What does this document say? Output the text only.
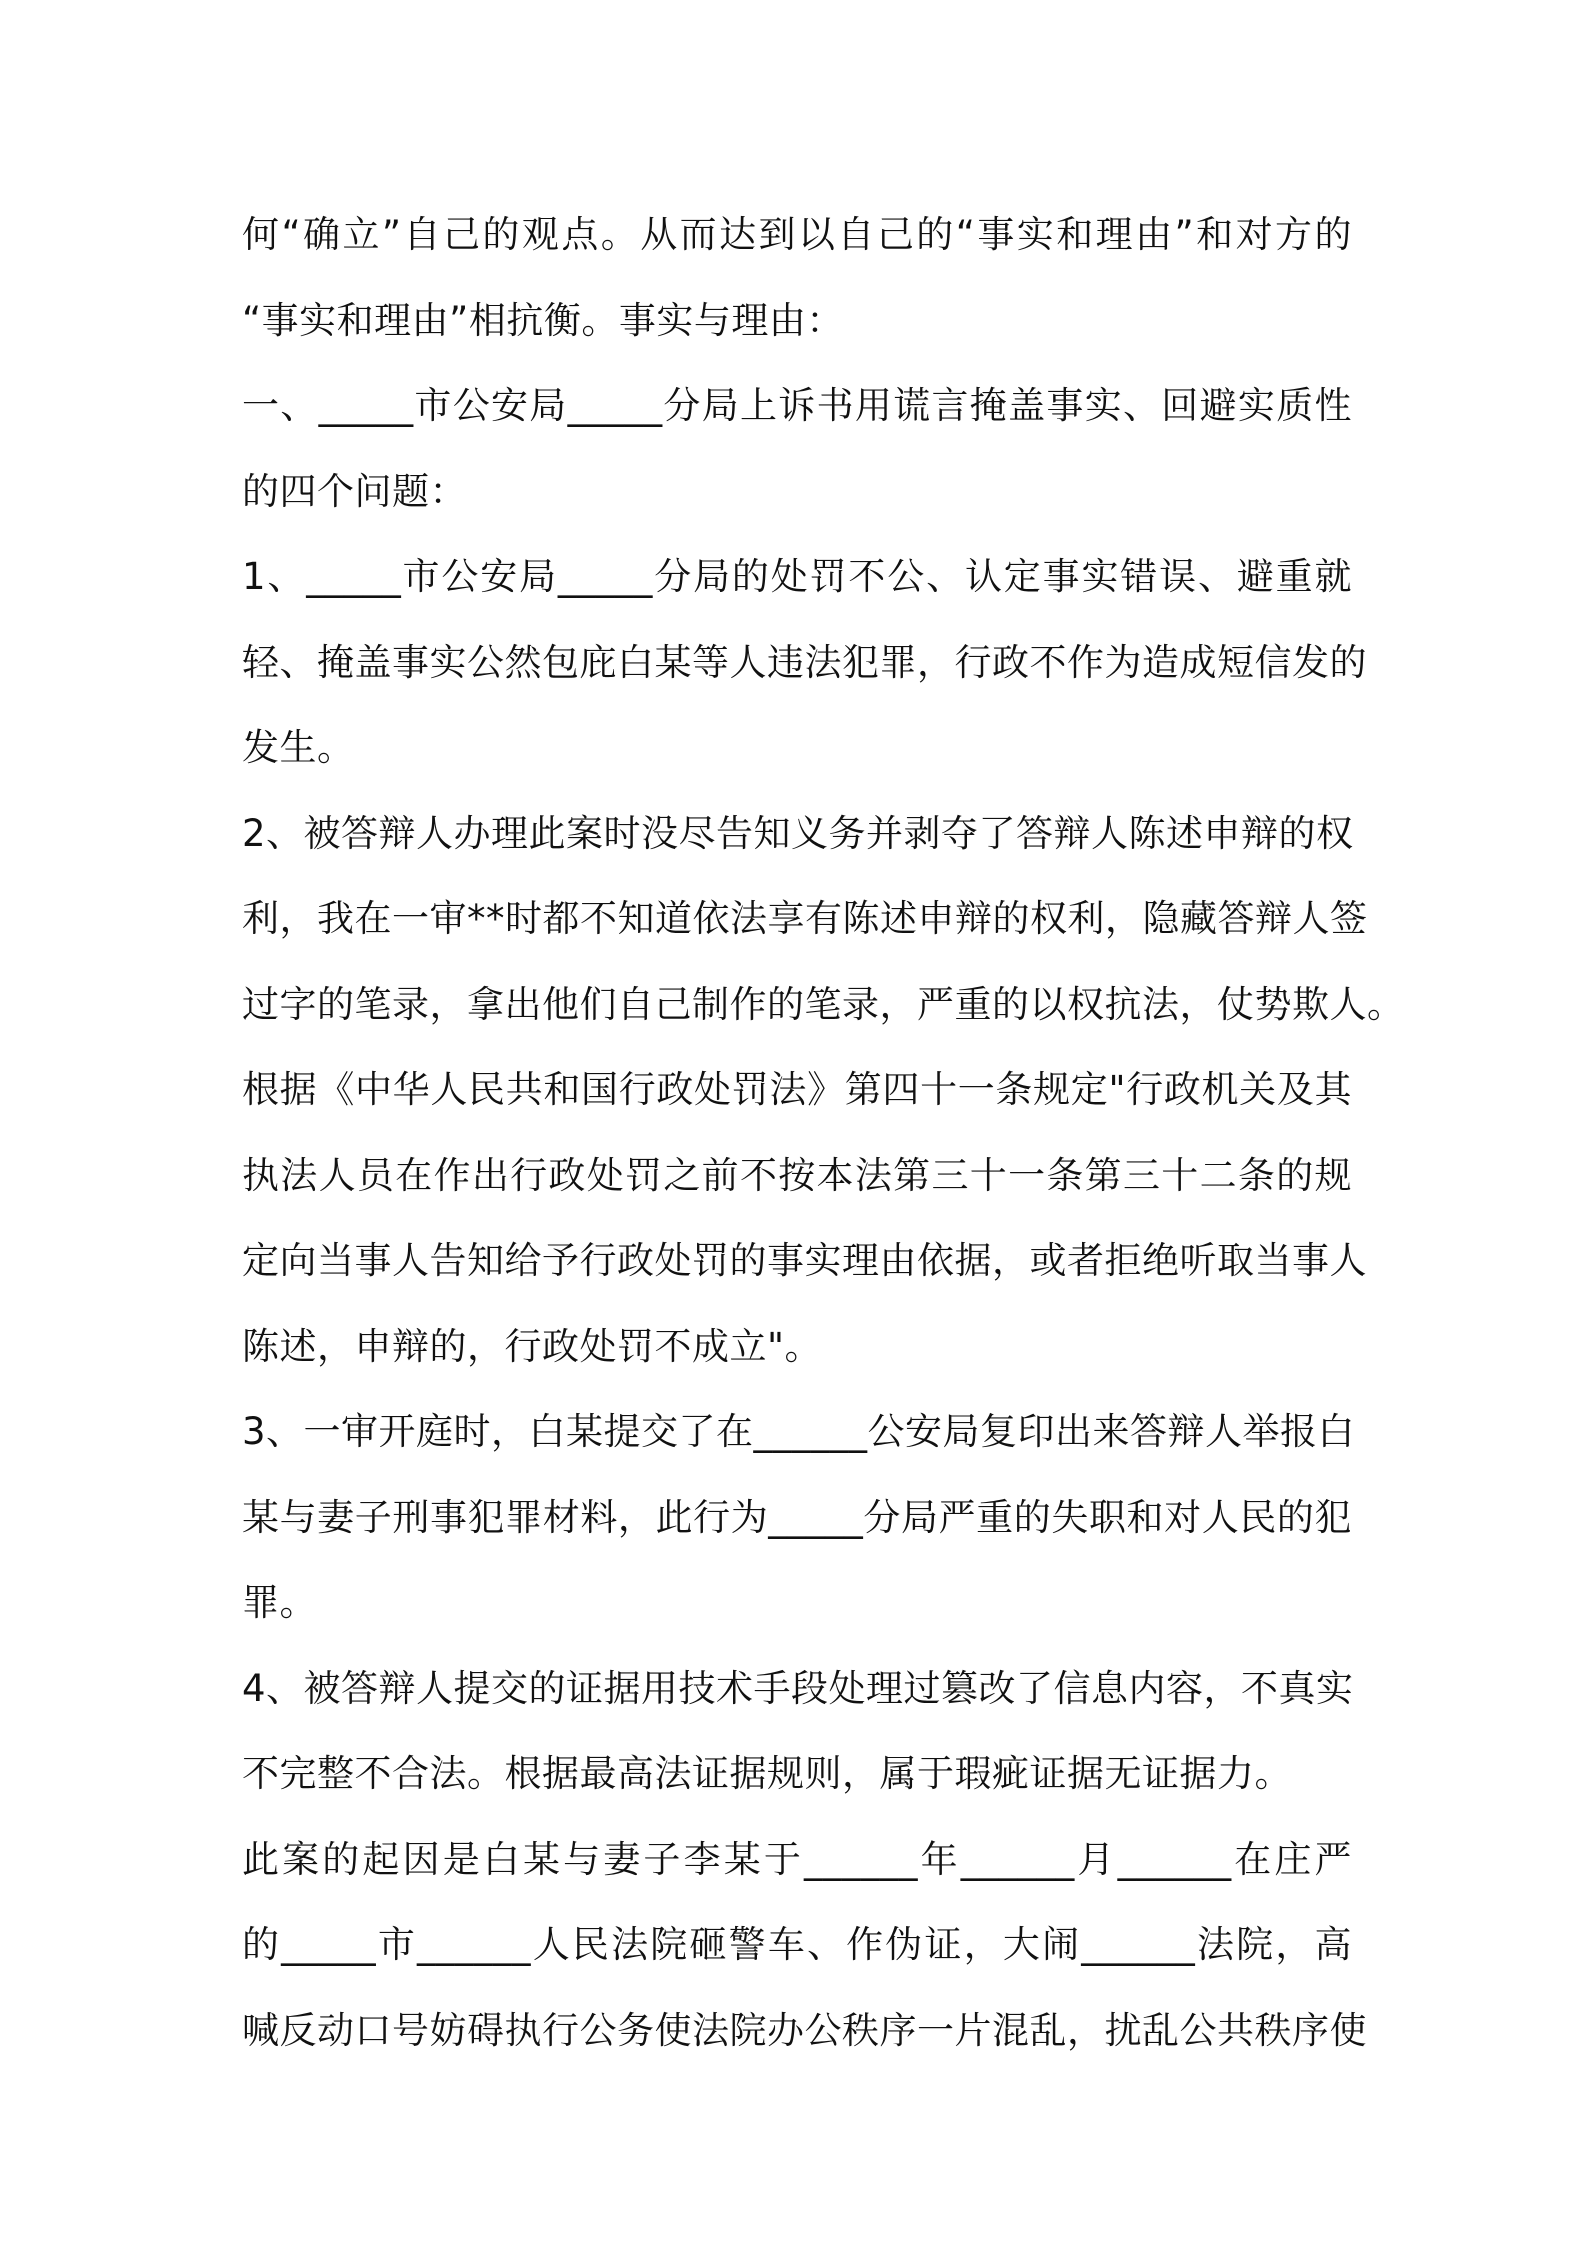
何“确立”自己的观点。从而达到以自己的“事实和理由”和对方的
“事实和理由”相抗衡。事实与理由：
一、_____市公安局_____分局上诉书用谎言掩盖事实、回避实质性
的四个问题：
1、_____市公安局_____分局的处罚不公、认定事实错误、避重就
轻、掩盖事实公然包庇白某等人违法犯罪，行政不作为造成短信发的
发生。
2、被答辩人办理此案时没尽告知义务并剥夺了答辩人陈述申辩的权
利，我在一审**时都不知道依法享有陈述申辩的权利，隐藏答辩人签
过字的笔录，拿出他们自己制作的笔录，严重的以权抗法，仗势欺人。
根据《中华人民共和国行政处罚法》第四十一条规定"行政机关及其
执法人员在作出行政处罚之前不按本法第三十一条第三十二条的规
定向当事人告知给予行政处罚的事实理由依据，或者拒绝听取当事人
陈述，申辩的，行政处罚不成立"。
3、一审开庭时，白某提交了在______公安局复印出来答辩人举报白
某与妻子刑事犯罪材料，此行为_____分局严重的失职和对人民的犯
罪。
4、被答辩人提交的证据用技术手段处理过篡改了信息内容，不真实
不完整不合法。根据最高法证据规则，属于瑕疵证据无证据力。
此案的起因是白某与妻子李某于______年______月______在庄严
的_____市______人民法院砸警车、作伪证，大闹______法院，高
喊反动口号妨碍执行公务使法院办公秩序一片混乱，扰乱公共秩序使
